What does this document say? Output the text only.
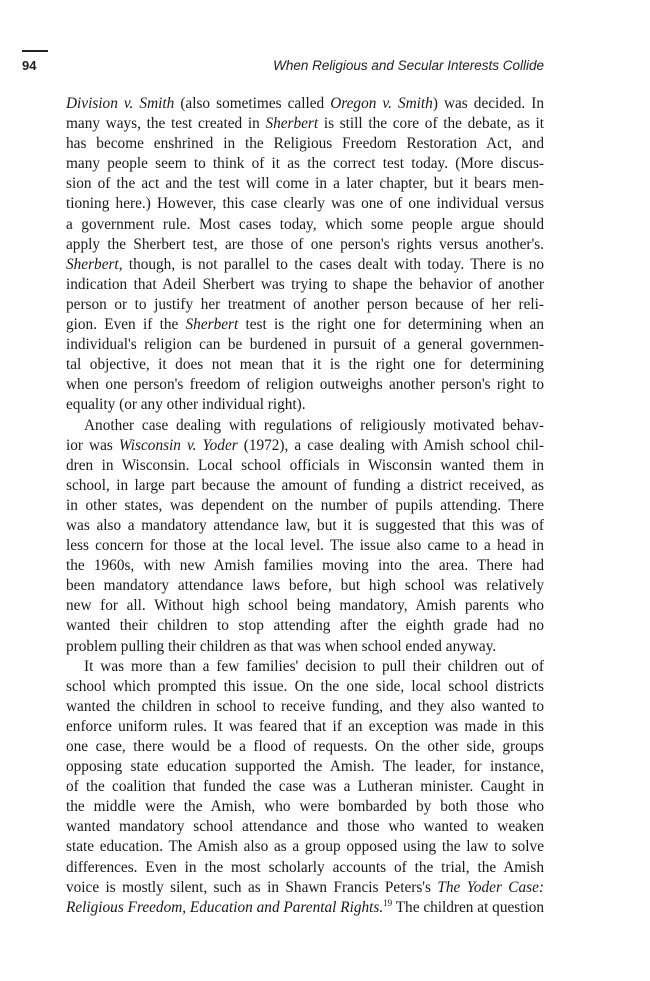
94	When Religious and Secular Interests Collide
Division v. Smith (also sometimes called Oregon v. Smith) was decided. In
many ways, the test created in Sherbert is still the core of the debate, as it
has become enshrined in the Religious Freedom Restoration Act, and
many people seem to think of it as the correct test today. (More discus-
sion of the act and the test will come in a later chapter, but it bears men-
tioning here.) However, this case clearly was one of one individual versus
a government rule. Most cases today, which some people argue should
apply the Sherbert test, are those of one person's rights versus another's.
Sherbert, though, is not parallel to the cases dealt with today. There is no
indication that Adeil Sherbert was trying to shape the behavior of another
person or to justify her treatment of another person because of her reli-
gion. Even if the Sherbert test is the right one for determining when an
individual's religion can be burdened in pursuit of a general governmen-
tal objective, it does not mean that it is the right one for determining
when one person's freedom of religion outweighs another person's right to
equality (or any other individual right).
Another case dealing with regulations of religiously motivated behav-
ior was Wisconsin v. Yoder (1972), a case dealing with Amish school chil-
dren in Wisconsin. Local school officials in Wisconsin wanted them in
school, in large part because the amount of funding a district received, as
in other states, was dependent on the number of pupils attending. There
was also a mandatory attendance law, but it is suggested that this was of
less concern for those at the local level. The issue also came to a head in
the 1960s, with new Amish families moving into the area. There had
been mandatory attendance laws before, but high school was relatively
new for all. Without high school being mandatory, Amish parents who
wanted their children to stop attending after the eighth grade had no
problem pulling their children as that was when school ended anyway.
It was more than a few families' decision to pull their children out of
school which prompted this issue. On the one side, local school districts
wanted the children in school to receive funding, and they also wanted to
enforce uniform rules. It was feared that if an exception was made in this
one case, there would be a flood of requests. On the other side, groups
opposing state education supported the Amish. The leader, for instance,
of the coalition that funded the case was a Lutheran minister. Caught in
the middle were the Amish, who were bombarded by both those who
wanted mandatory school attendance and those who wanted to weaken
state education. The Amish also as a group opposed using the law to solve
differences. Even in the most scholarly accounts of the trial, the Amish
voice is mostly silent, such as in Shawn Francis Peters's The Yoder Case:
Religious Freedom, Education and Parental Rights.$^{19}$ The children at question
